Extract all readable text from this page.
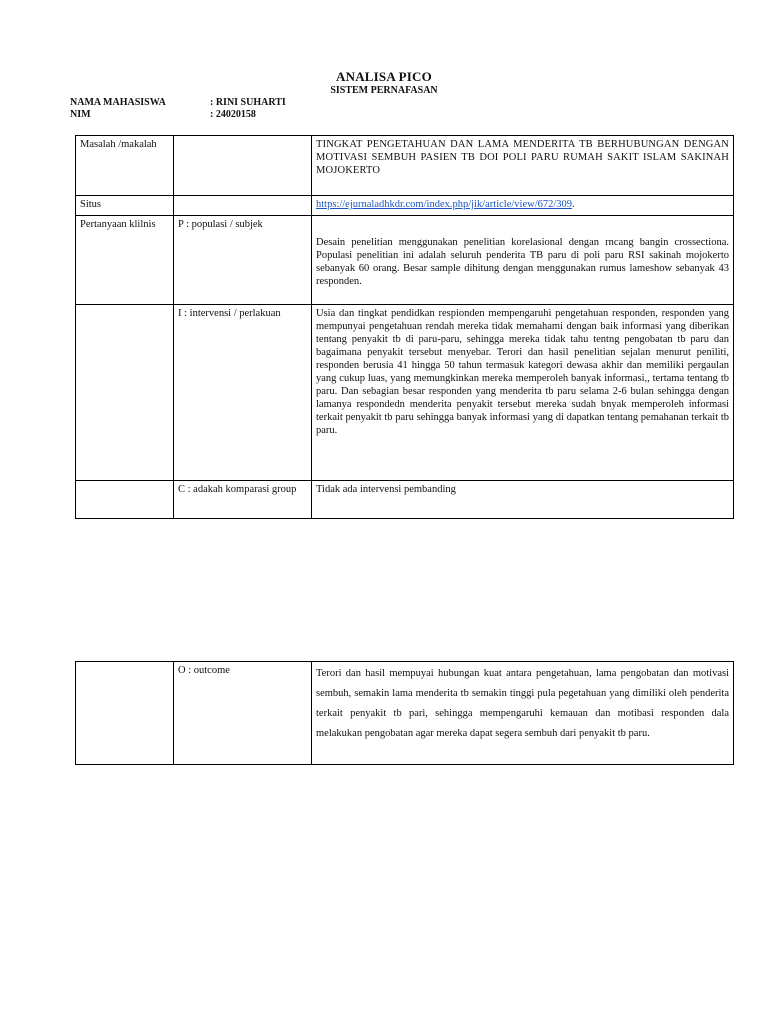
ANALISA PICO
SISTEM PERNAFASAN
NAMA MAHASISWA	: RINI SUHARTI
NIM	: 24020158
Masalah /makalah		TINGKAT PENGETAHUAN DAN LAMA MENDERITA TB BERHUBUNGAN DENGAN MOTIVASI SEMBUH PASIEN TB DOI POLI PARU RUMAH SAKIT ISLAM SAKINAH MOJOKERTO
Situs		https://ejurnaladhkdr.com/index.php/jik/article/view/672/309.
Pertanyaan klilnis	P : populasi / subjek	Desain penelitian menggunakan penelitian korelasional dengan rncang bangin crossectiona. Populasi penelitian ini adalah seluruh penderita TB paru di poli paru RSI sakinah mojokerto sebanyak 60 orang. Besar sample dihitung dengan menggunakan rumus lameshow sebanyak 43 responden.
	I : intervensi / perlakuan	Usia dan tingkat pendidkan respionden mempengaruhi pengetahuan responden, responden yang mempunyai pengetahuan rendah mereka tidak memahami dengan baik informasi yang diberikan tentang penyakit tb di paru-paru, sehingga mereka tidak tahu tentng pengobatan tb paru dan bagaimana penyakit tersebut menyebar. Terori dan hasil penelitian sejalan menurut peniliti, responden berusia 41 hingga 50 tahun termasuk kategori dewasa akhir dan memiliki pergaulan yang cukup luas, yang memungkinkan mereka memperoleh banyak informasi,, tertama tentang tb paru. Dan sebagian besar responden yang menderita tb paru selama 2-6 bulan sehingga dengan lamanya respondedn menderita penyakit tersebut mereka sudah bnyak memperoleh informasi terkait penyakit tb paru sehingga banyak informasi yang di dapatkan tentang pemahanan terkait tb paru.
	C : adakah komparasi group	Tidak ada intervensi pembanding
	O : outcome	Terori dan hasil mempuyai hubungan kuat antara pengetahuan, lama pengobatan dan motivasi sembuh, semakin lama menderita tb semakin tinggi pula pegetahuan yang dimiliki oleh penderita terkait penyakit tb pari, sehingga mempengaruhi kemauan dan motibasi responden dala melakukan pengobatan agar mereka dapat segera sembuh dari penyakit tb paru.
